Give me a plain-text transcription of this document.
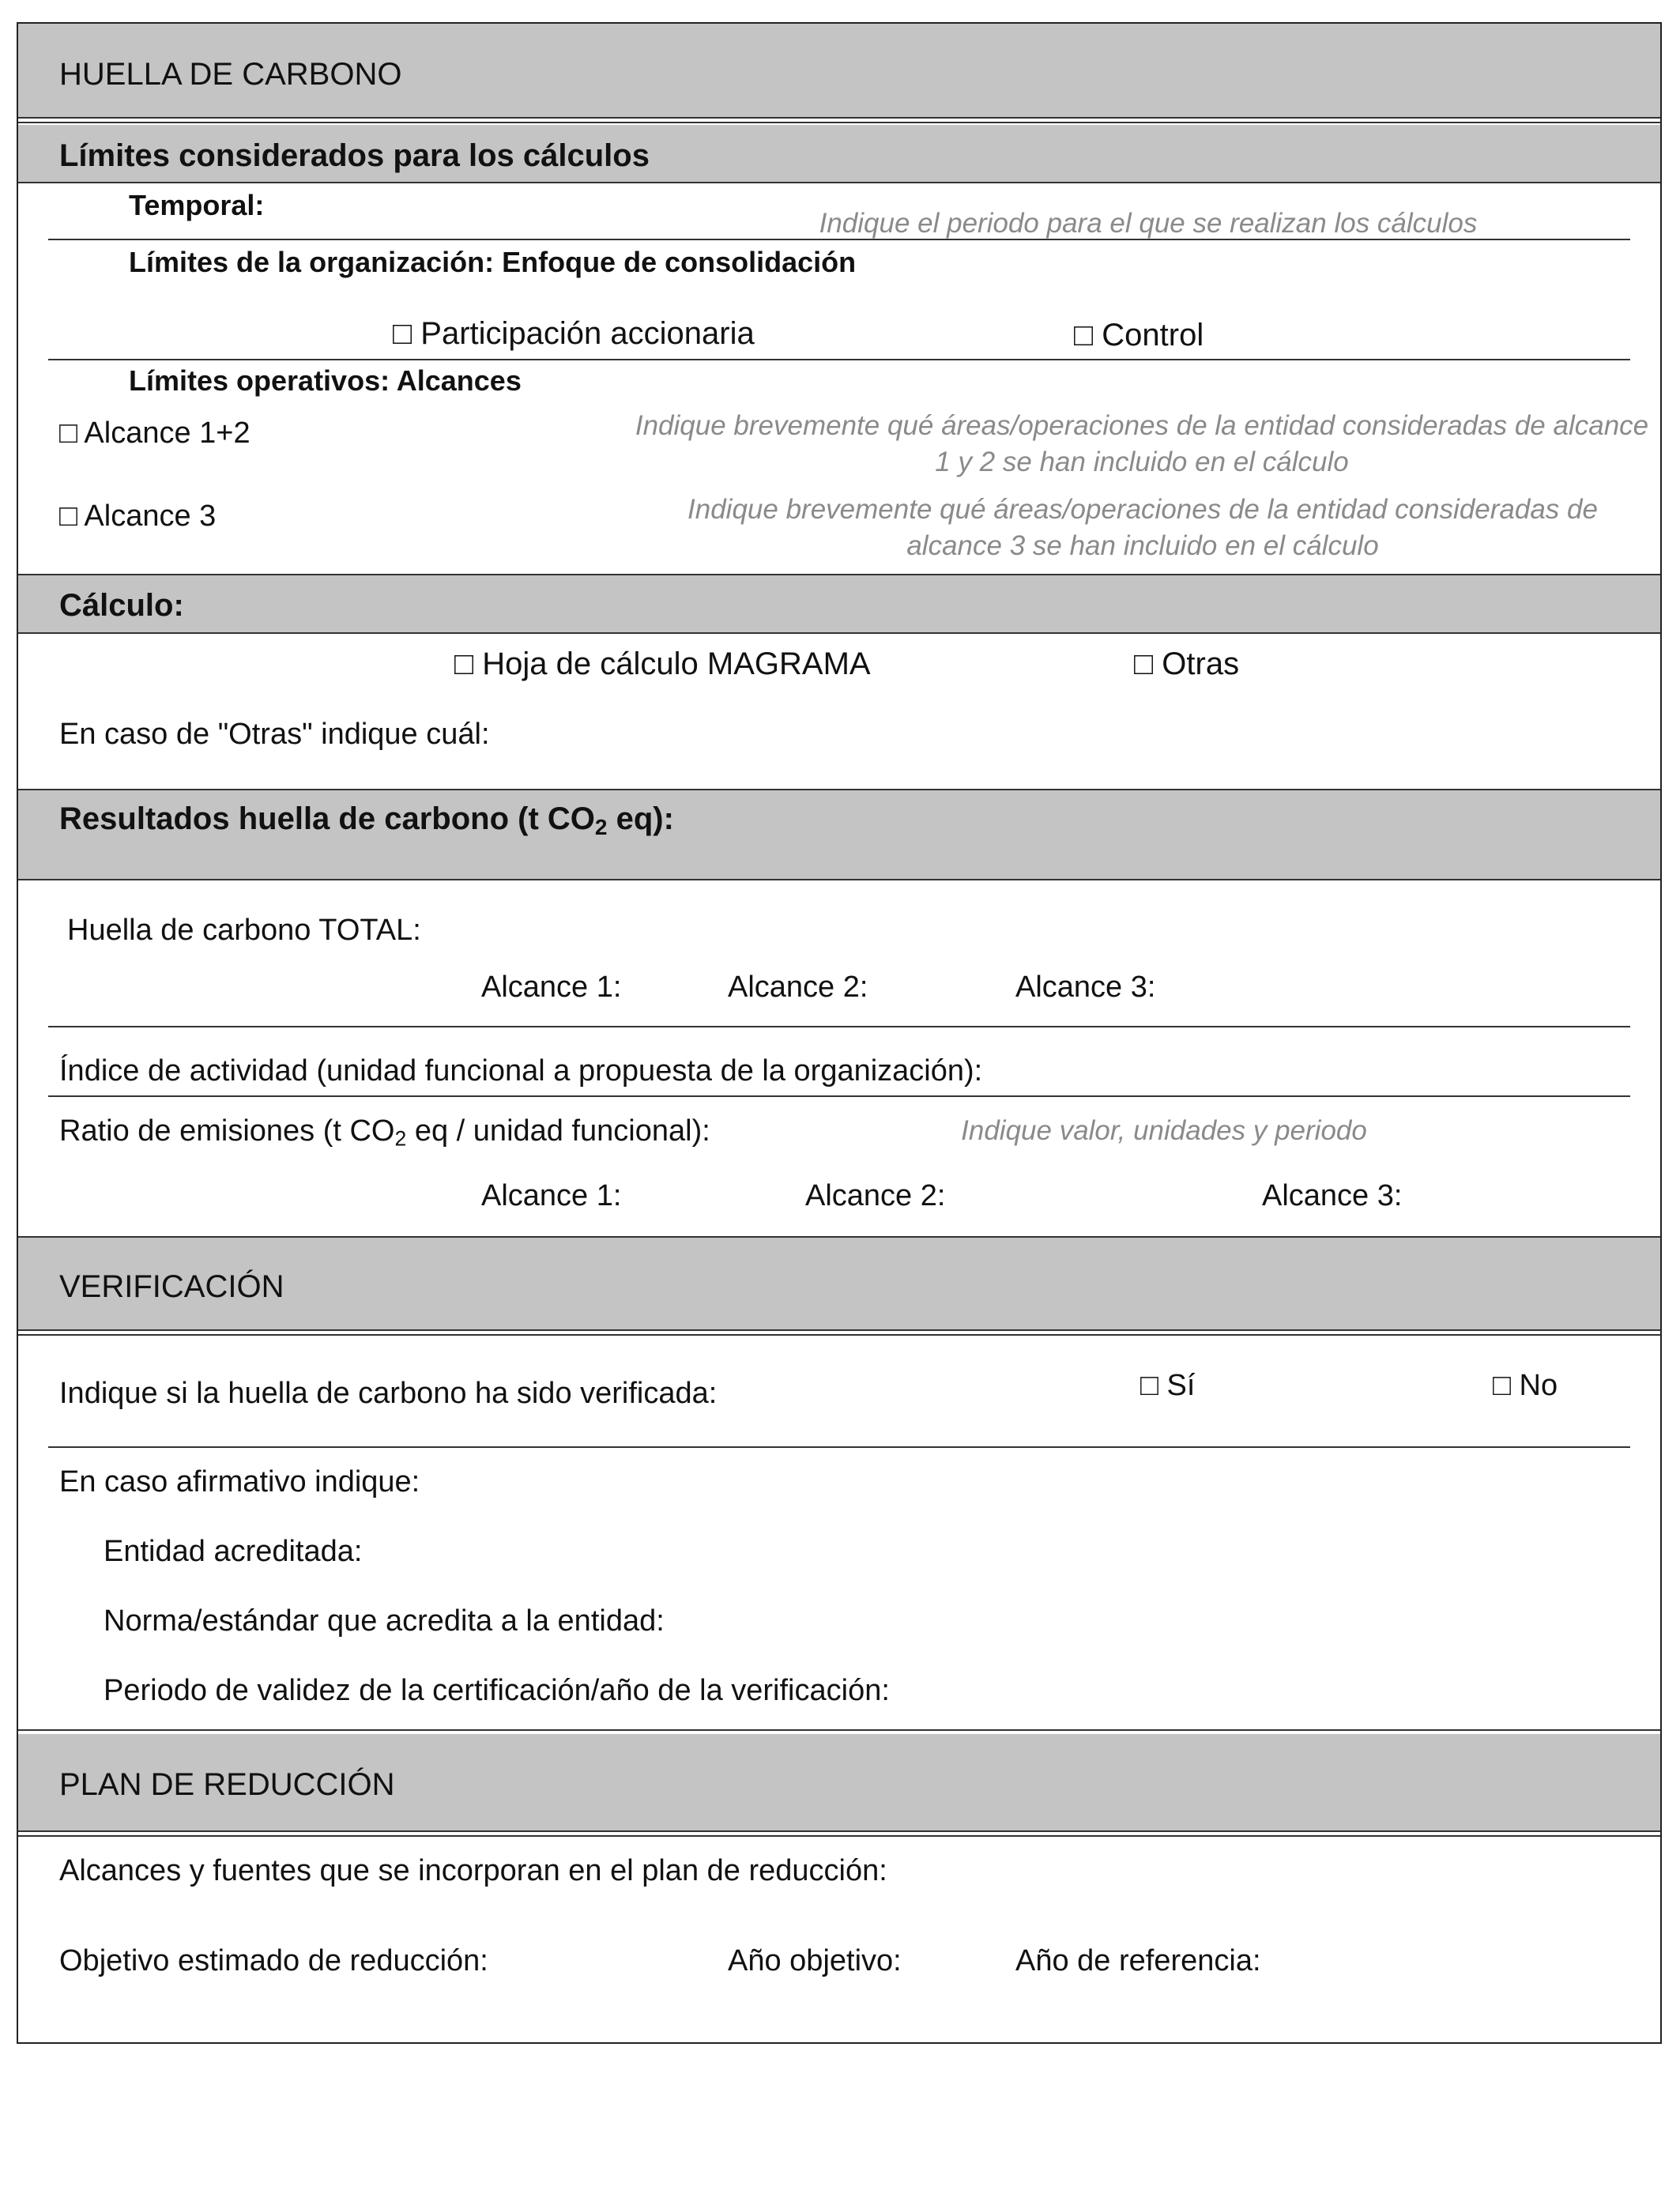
HUELLA DE CARBONO
Límites considerados para los cálculos
Temporal:
Indique el periodo para el que se realizan los cálculos
Límites de la organización: Enfoque de consolidación
□ Participación accionaria	□ Control
Límites operativos: Alcances
□ Alcance 1+2	Indique brevemente qué áreas/operaciones de la entidad consideradas de alcance 1 y 2 se han incluido en el cálculo
□ Alcance 3	Indique brevemente qué áreas/operaciones de la entidad consideradas de alcance 3 se han incluido en el cálculo
Cálculo:
□ Hoja de cálculo MAGRAMA	□ Otras
En caso de "Otras" indique cuál:
Resultados huella de carbono (t $CO_2$ eq):
Huella de carbono TOTAL:
Alcance 1:	Alcance 2:	Alcance 3:
Índice de actividad (unidad funcional a propuesta de la organización):
Ratio de emisiones (t $CO_2$ eq / unidad funcional):	Indique valor, unidades y periodo
Alcance 1:	Alcance 2:	Alcance 3:
VERIFICACIÓN
Indique si la huella de carbono ha sido verificada:	□ Sí	□ No
En caso afirmativo indique:
Entidad acreditada:
Norma/estándar que acredita a la entidad:
Periodo de validez de la certificación/año de la verificación:
PLAN DE REDUCCIÓN
Alcances y fuentes que se incorporan en el plan de reducción:
Objetivo estimado de reducción:	Año objetivo:	Año de referencia:
